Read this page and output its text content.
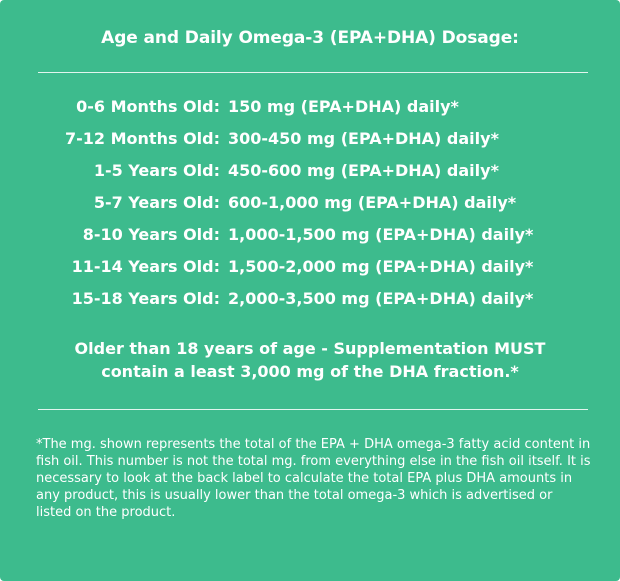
Age and Daily Omega-3 (EPA+DHA) Dosage:
0-6 Months Old: 150 mg (EPA+DHA) daily*
7-12 Months Old: 300-450 mg (EPA+DHA) daily*
1-5 Years Old: 450-600 mg (EPA+DHA) daily*
5-7 Years Old: 600-1,000 mg (EPA+DHA) daily*
8-10 Years Old: 1,000-1,500 mg (EPA+DHA) daily*
11-14 Years Old: 1,500-2,000 mg (EPA+DHA) daily*
15-18 Years Old: 2,000-3,500 mg (EPA+DHA) daily*
Older than 18 years of age - Supplementation MUST
contain a least 3,000 mg of the DHA fraction.*
*The mg. shown represents the total of the EPA + DHA omega-3 fatty acid content in fish oil. This number is not the total mg. from everything else in the fish oil itself. It is necessary to look at the back label to calculate the total EPA plus DHA amounts in any product, this is usually lower than the total omega-3 which is advertised or listed on the product.
